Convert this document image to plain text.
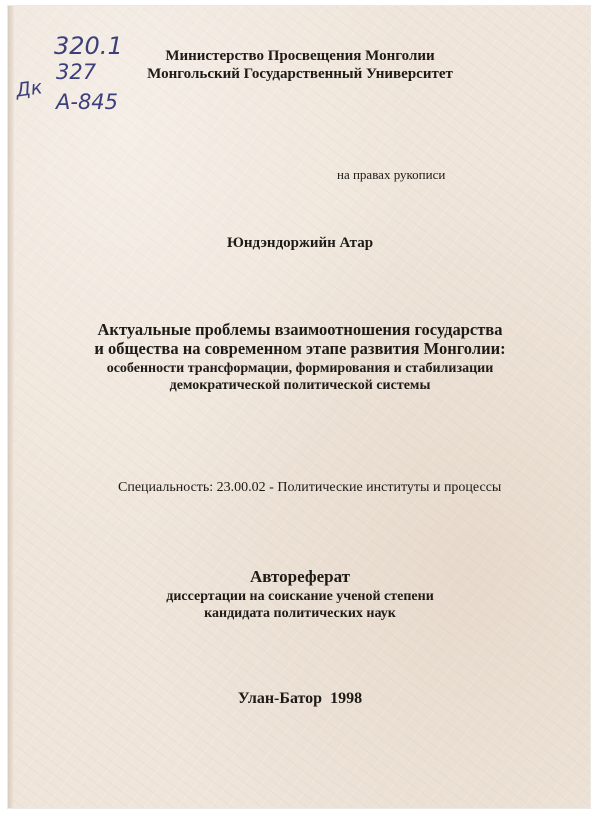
320.1
327
Дк
А-845
Министерство Просвещения Монголии
Монгольский Государственный Университет
на правах рукописи
Юндэндоржийн Атар
Актуальные проблемы взаимоотношения государства
и общества на современном этапе развития Монголии:
особенности трансформации, формирования и стабилизации
демократической политической системы
Специальность: 23.00.02 - Политические институты и процессы
Автореферат
диссертации на соискание ученой степени
кандидата политических наук
Улан-Батор 1998
